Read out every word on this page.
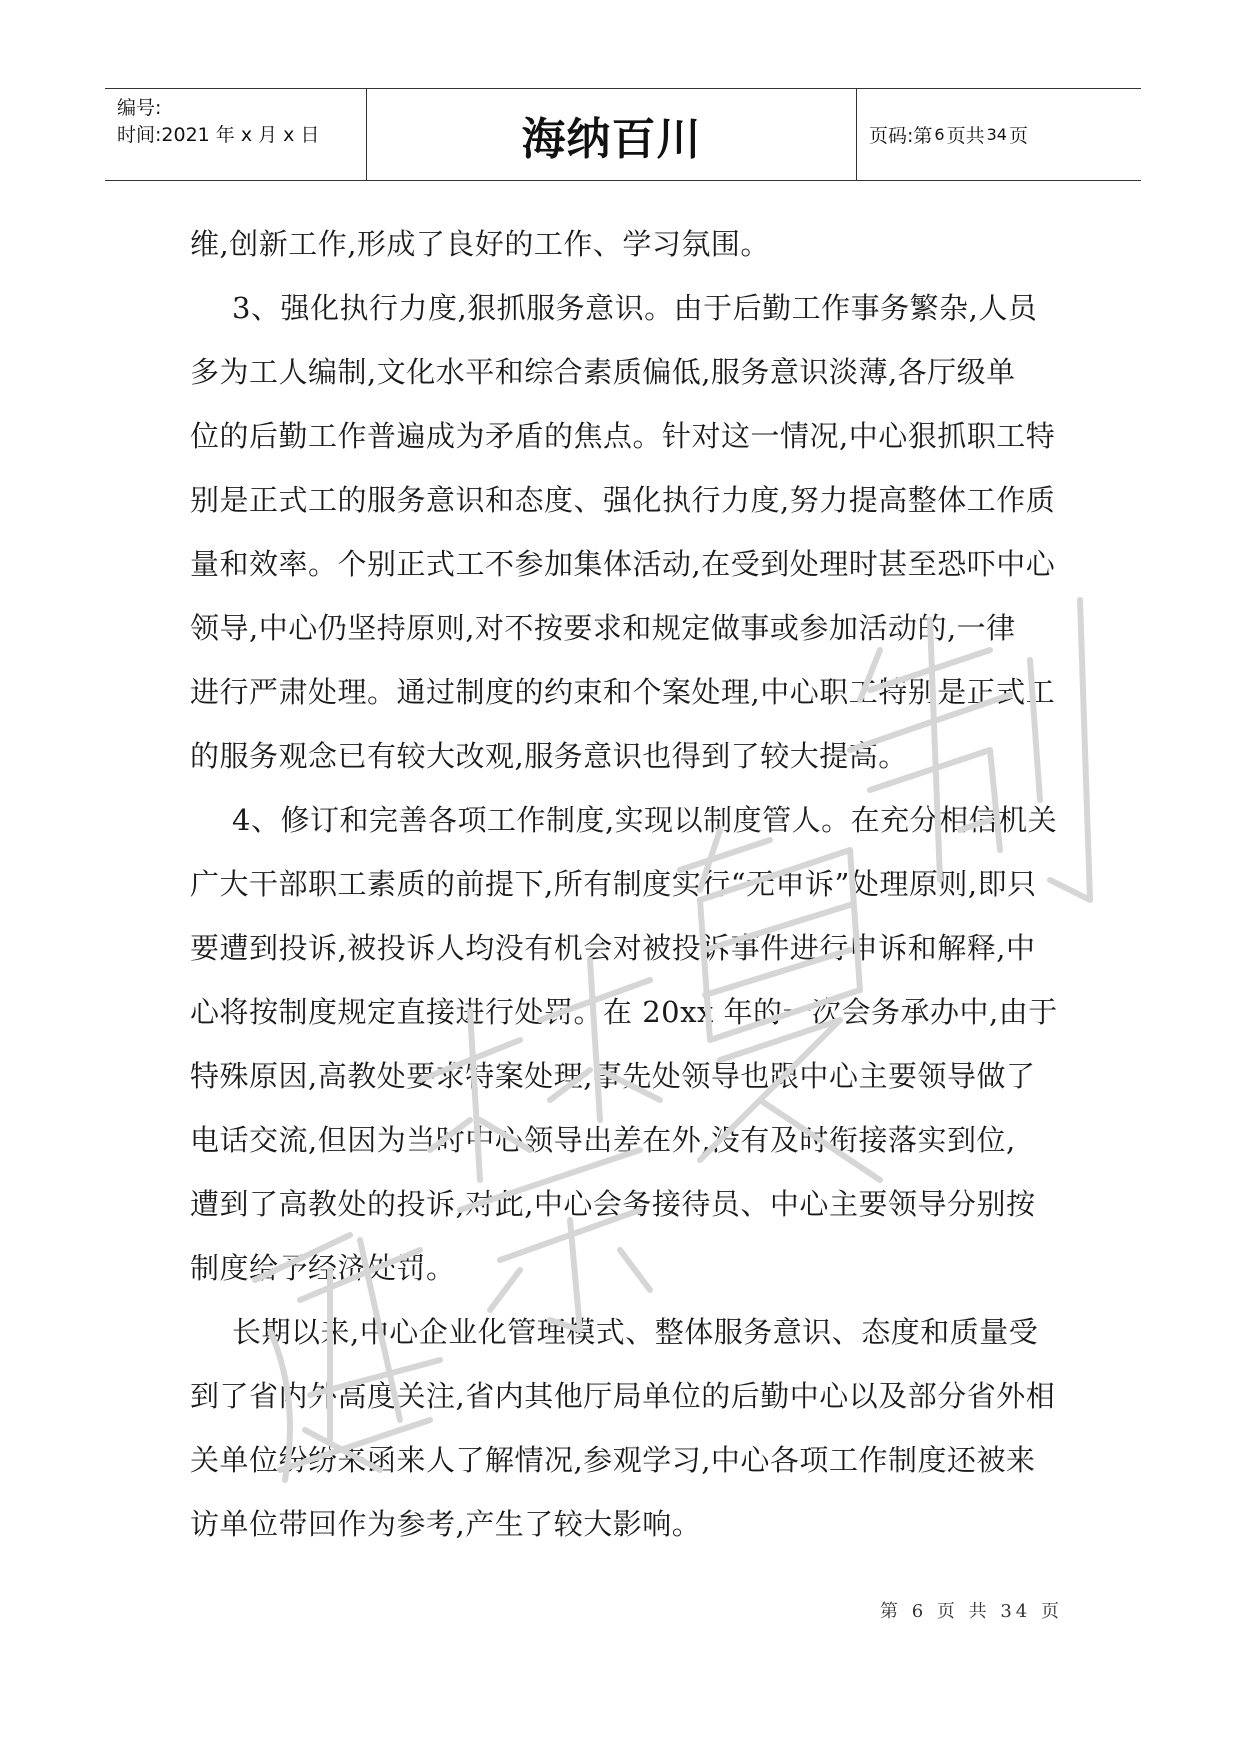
编号:
时间:2021 年 x 月 x 日	海纳百川	页码:第 6 页共 34 页
维,创新工作,形成了良好的工作、学习氛围。
3、强化执行力度,狠抓服务意识。由于后勤工作事务繁杂,人员
多为工人编制,文化水平和综合素质偏低,服务意识淡薄,各厅级单
位的后勤工作普遍成为矛盾的焦点。针对这一情况,中心狠抓职工特
别是正式工的服务意识和态度、强化执行力度,努力提高整体工作质
量和效率。个别正式工不参加集体活动,在受到处理时甚至恐吓中心
领导,中心仍坚持原则,对不按要求和规定做事或参加活动的,一律
进行严肃处理。通过制度的约束和个案处理,中心职工特别是正式工
的服务观念已有较大改观,服务意识也得到了较大提高。
4、修订和完善各项工作制度,实现以制度管人。在充分相信机关
广大干部职工素质的前提下,所有制度实行“无申诉”处理原则,即只
要遭到投诉,被投诉人均没有机会对被投诉事件进行申诉和解释,中
心将按制度规定直接进行处罚。在 20xx 年的一次会务承办中,由于
特殊原因,高教处要求特案处理,事先处领导也跟中心主要领导做了
电话交流,但因为当时中心领导出差在外,没有及时衔接落实到位,
遭到了高教处的投诉,对此,中心会务接待员、中心主要领导分别按
制度给予经济处罚。
长期以来,中心企业化管理模式、整体服务意识、态度和质量受
到了省内外高度关注,省内其他厅局单位的后勤中心以及部分省外相
关单位纷纷来函来人了解情况,参观学习,中心各项工作制度还被来
访单位带回作为参考,产生了较大影响。
第 6 页 共 34 页
